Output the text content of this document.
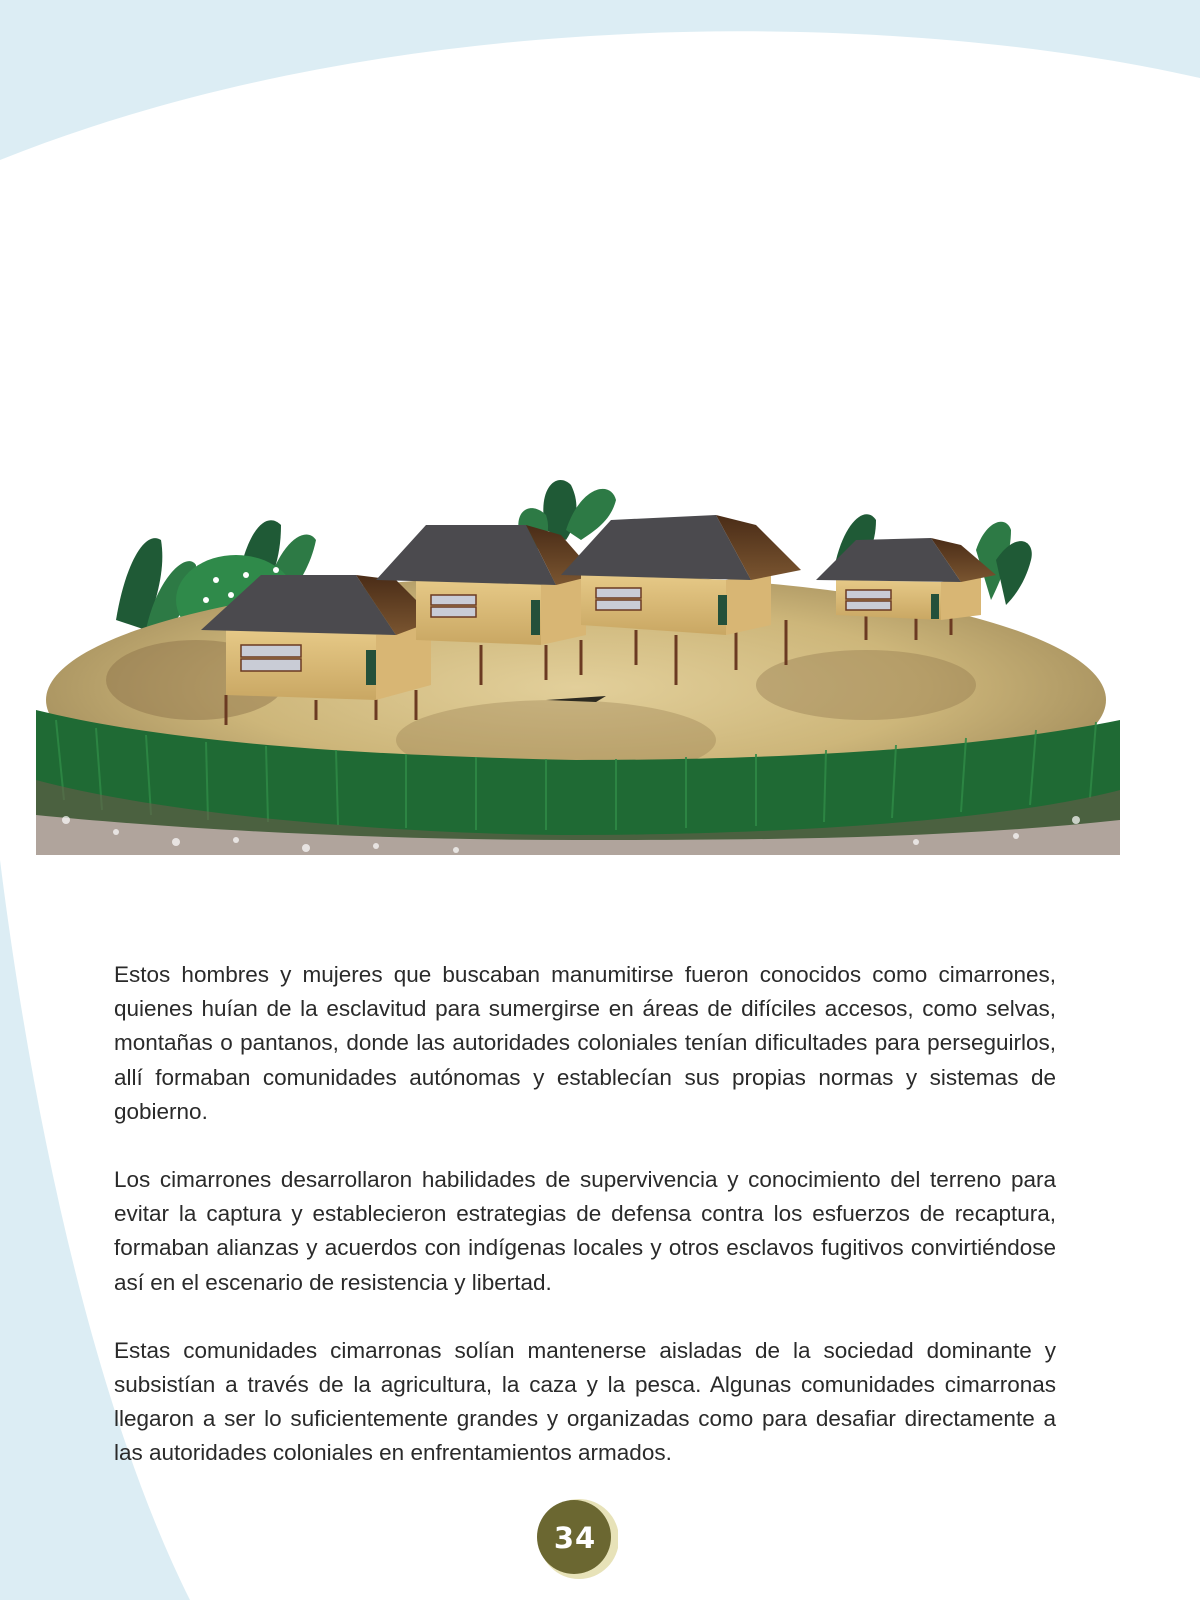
Estos hombres y mujeres que buscaban manumitirse fueron conocidos como cimarrones, quienes huían de la esclavitud para sumergirse en áreas de difíciles accesos, como selvas, montañas o pantanos, donde las autoridades coloniales tenían dificultades para perseguirlos, allí formaban comunidades autónomas y establecían sus propias normas y sistemas de gobierno.

Los cimarrones desarrollaron habilidades de supervivencia y conocimiento del terreno para evitar la captura y establecieron estrategias de defensa contra los esfuerzos de recaptura, formaban alianzas y acuerdos con indígenas locales y otros esclavos fugitivos convirtiéndose así en el escenario de resistencia y libertad.

Estas comunidades cimarronas solían mantenerse aisladas de la sociedad dominante y subsistían a través de la agricultura, la caza y la pesca. Algunas comunidades cimarronas llegaron a ser lo suficientemente grandes y organizadas como para desafiar directamente a las autoridades coloniales en enfrentamientos armados.

34
